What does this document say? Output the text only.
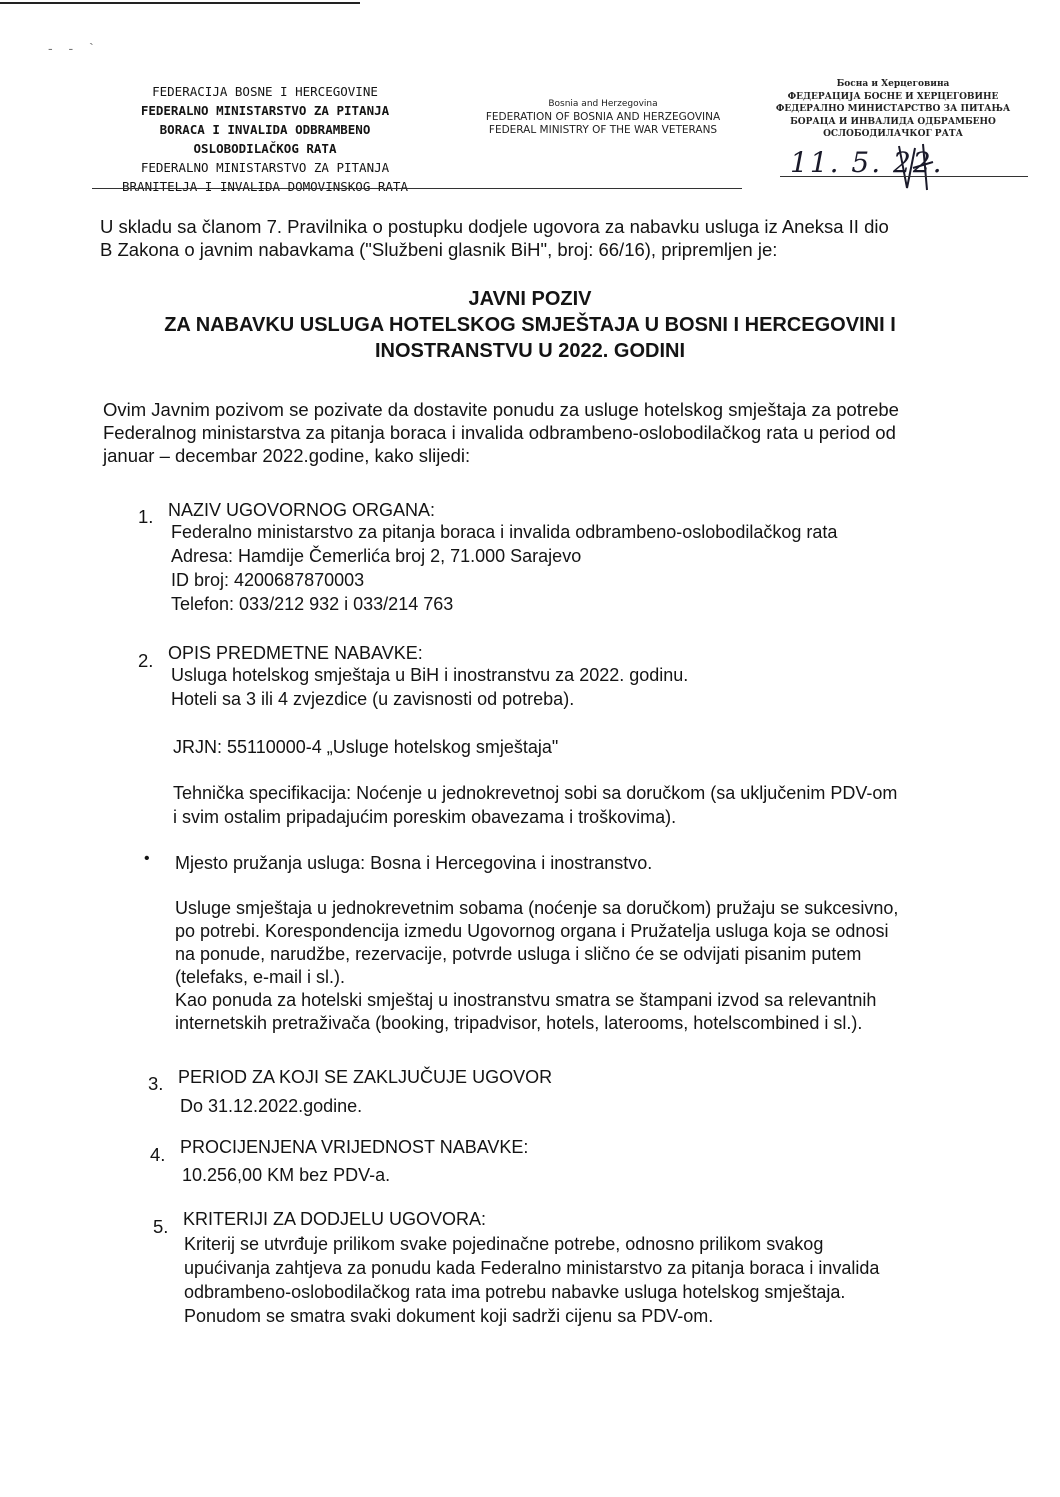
- - `
FEDERACIJA BOSNE I HERCEGOVINE
FEDERALNO MINISTARSTVO ZA PITANJA
BORACA I INVALIDA ODBRAMBENO
OSLOBODILAČKOG RATA
FEDERALNO MINISTARSTVO ZA PITANJA
BRANITELJA I INVALIDA DOMOVINSKOG RATA
Bosnia and Herzegovina
FEDERATION OF BOSNIA AND HERZEGOVINA
FEDERAL MINISTRY OF THE WAR VETERANS
Босна и Херцеговина
ФЕДЕРАЦИЈА БОСНЕ И ХЕРЦЕГОВИНЕ
ФЕДЕРАЛНО МИНИСТАРСТВО ЗА ПИТАЊА
БОРАЦА И ИНВАЛИДА ОДБРАМБЕНО
ОСЛОБОДИЛАЧКОГ РАТА
11. 5. 22.
U skladu sa članom 7. Pravilnika o postupku dodjele ugovora za nabavku usluga iz Aneksa II dio
B Zakona o javnim nabavkama ("Službeni glasnik BiH", broj: 66/16), pripremljen je:
JAVNI POZIV
ZA NABAVKU USLUGA HOTELSKOG SMJEŠTAJA U BOSNI I HERCEGOVINI I
INOSTRANSTVU U 2022. GODINI
Ovim Javnim pozivom se pozivate da dostavite ponudu za usluge hotelskog smještaja za potrebe
Federalnog ministarstva za pitanja boraca i invalida odbrambeno-oslobodilačkog rata u period od
januar – decembar 2022.godine, kako slijedi:
1. NAZIV UGOVORNOG ORGANA:
Federalno ministarstvo za pitanja boraca i invalida odbrambeno-oslobodilačkog rata
Adresa: Hamdije Čemerlića broj 2, 71.000 Sarajevo
ID broj: 4200687870003
Telefon: 033/212 932 i 033/214 763
2. OPIS PREDMETNE NABAVKE:
Usluga hotelskog smještaja u BiH i inostranstvu za 2022. godinu.
Hoteli sa 3 ili 4 zvjezdice (u zavisnosti od potreba).
JRJN: 55110000-4 „Usluge hotelskog smještaja"
Tehnička specifikacija: Noćenje u jednokrevetnoj sobi sa doručkom (sa uključenim PDV-om
i svim ostalim pripadajućim poreskim obavezama i troškovima).
• Mjesto pružanja usluga: Bosna i Hercegovina i inostranstvo.
Usluge smještaja u jednokrevetnim sobama (noćenje sa doručkom) pružaju se sukcesivno,
po potrebi. Korespondencija izmedu Ugovornog organa i Pružatelja usluga koja se odnosi
na ponude, narudžbe, rezervacije, potvrde usluga i slično će se odvijati pisanim putem
(telefaks, e-mail i sl.).
Kao ponuda za hotelski smještaj u inostranstvu smatra se štampani izvod sa relevantnih
internetskih pretraživača (booking, tripadvisor, hotels, laterooms, hotelscombined i sl.).
3. PERIOD ZA KOJI SE ZAKLJUČUJE UGOVOR
Do 31.12.2022.godine.
4. PROCIJENJENA VRIJEDNOST NABAVKE:
10.256,00 KM bez PDV-a.
5. KRITERIJI ZA DODJELU UGOVORA:
Kriterij se utvrđuje prilikom svake pojedinačne potrebe, odnosno prilikom svakog
upućivanja zahtjeva za ponudu kada Federalno ministarstvo za pitanja boraca i invalida
odbrambeno-oslobodilačkog rata ima potrebu nabavke usluga hotelskog smještaja.
Ponudom se smatra svaki dokument koji sadrži cijenu sa PDV-om.
